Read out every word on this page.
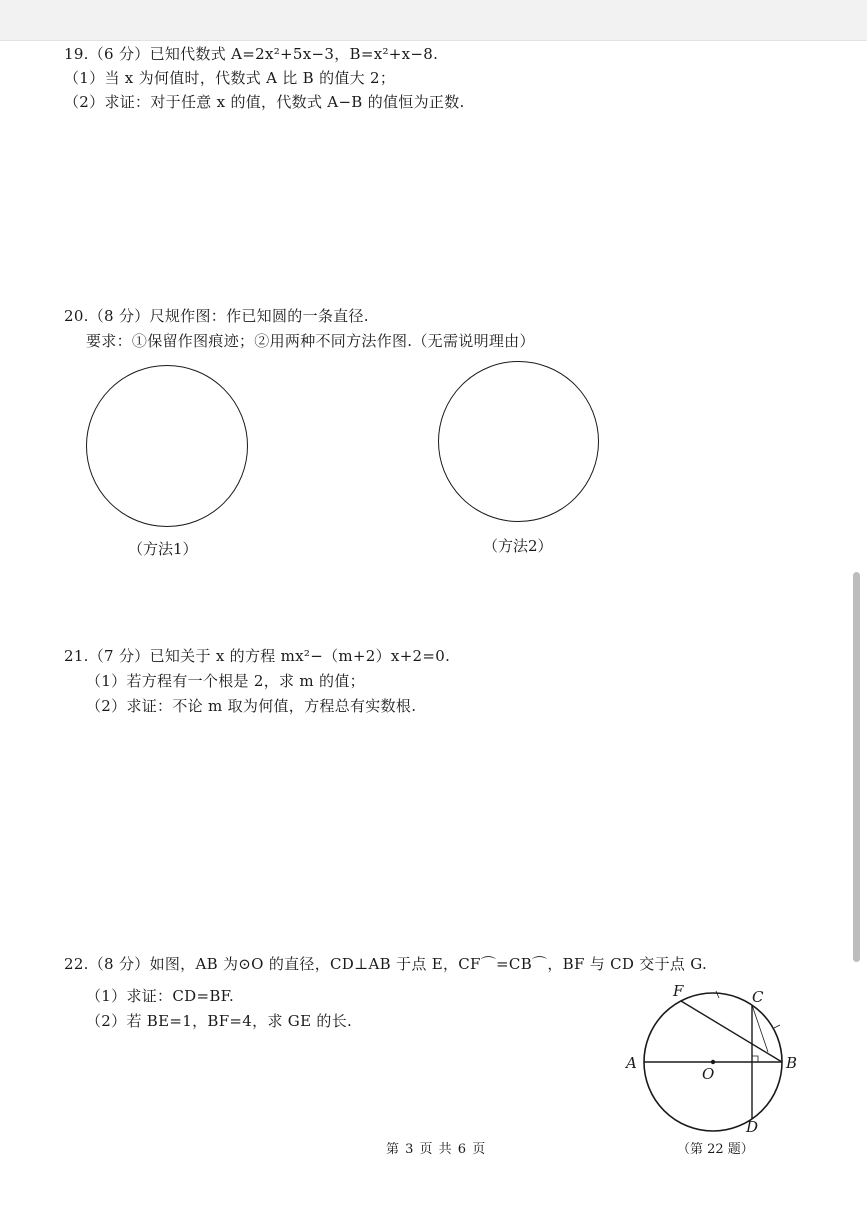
19.（6 分）已知代数式 A=2x²+5x−3，B=x²+x−8.
（1）当 x 为何值时，代数式 A 比 B 的值大 2；
（2）求证：对于任意 x 的值，代数式 A−B 的值恒为正数.
20.（8 分）尺规作图：作已知圆的一条直径.
要求：①保留作图痕迹；②用两种不同方法作图.（无需说明理由）
（方法1）	（方法2）
21.（7 分）已知关于 x 的方程 mx²−（m+2）x+2=0.
（1）若方程有一个根是 2，求 m 的值；
（2）求证：不论 m 取为何值，方程总有实数根.
22.（8 分）如图，AB 为⊙O 的直径，CD⊥AB 于点 E，CF⌒=CB⌒，BF 与 CD 交于点 G.
（1）求证：CD=BF.
（2）若 BE=1，BF=4，求 GE 的长.
A
O
B
C
D
F
（第 22 题）
第 3 页 共 6 页
